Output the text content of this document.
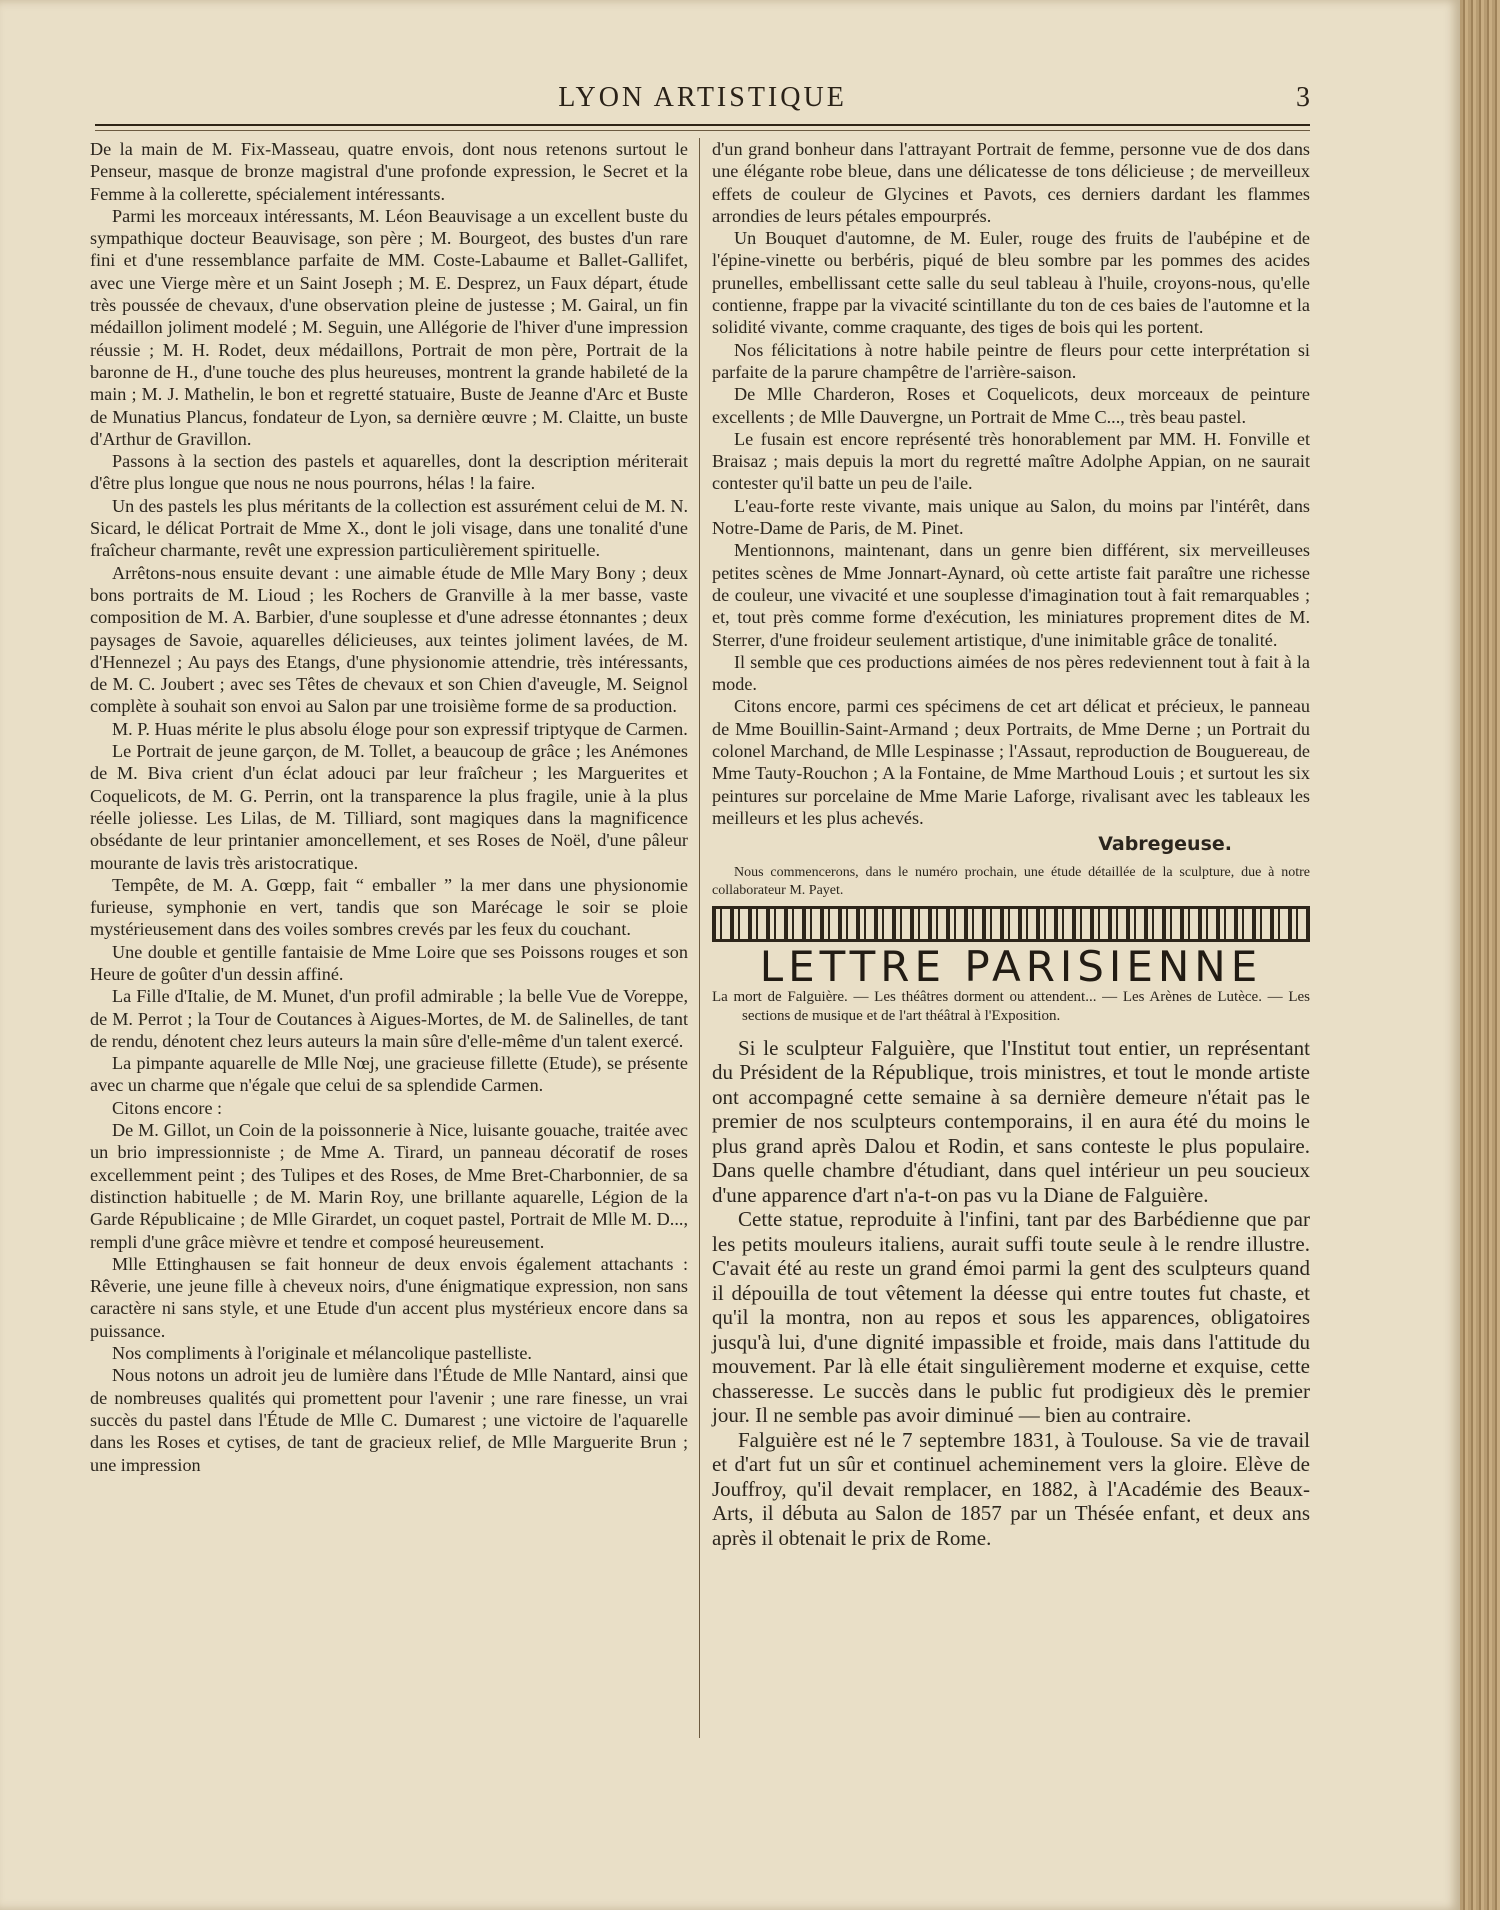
LYON ARTISTIQUE	3

De la main de M. Fix-Masseau, quatre envois, dont nous retenons surtout le Penseur, masque de bronze magistral d'une profonde expression, le Secret et la Femme à la collerette, spécialement intéressants.

Parmi les morceaux intéressants, M. Léon Beauvisage a un excellent buste du sympathique docteur Beauvisage, son père ; M. Bourgeot, des bustes d'un rare fini et d'une ressemblance parfaite de MM. Coste-Labaume et Ballet-Gallifet, avec une Vierge mère et un Saint Joseph ; M. E. Desprez, un Faux départ, étude très poussée de chevaux, d'une observation pleine de justesse ; M. Gairal, un fin médaillon joliment modelé ; M. Seguin, une Allégorie de l'hiver d'une impression réussie ; M. H. Rodet, deux médaillons, Portrait de mon père, Portrait de la baronne de H., d'une touche des plus heureuses, montrent la grande habileté de la main ; M. J. Mathelin, le bon et regretté statuaire, Buste de Jeanne d'Arc et Buste de Munatius Plancus, fondateur de Lyon, sa dernière œuvre ; M. Claitte, un buste d'Arthur de Gravillon.

Passons à la section des pastels et aquarelles, dont la description mériterait d'être plus longue que nous ne nous pourrons, hélas ! la faire.

Un des pastels les plus méritants de la collection est assurément celui de M. N. Sicard, le délicat Portrait de Mme X., dont le joli visage, dans une tonalité d'une fraîcheur charmante, revêt une expression particulièrement spirituelle.

Arrêtons-nous ensuite devant : une aimable étude de Mlle Mary Bony ; deux bons portraits de M. Lioud ; les Rochers de Granville à la mer basse, vaste composition de M. A. Barbier, d'une souplesse et d'une adresse étonnantes ; deux paysages de Savoie, aquarelles délicieuses, aux teintes joliment lavées, de M. d'Hennezel ; Au pays des Etangs, d'une physionomie attendrie, très intéressants, de M. C. Joubert ; avec ses Têtes de chevaux et son Chien d'aveugle, M. Seignol complète à souhait son envoi au Salon par une troisième forme de sa production.

M. P. Huas mérite le plus absolu éloge pour son expressif triptyque de Carmen.

Le Portrait de jeune garçon, de M. Tollet, a beaucoup de grâce ; les Anémones de M. Biva crient d'un éclat adouci par leur fraîcheur ; les Marguerites et Coquelicots, de M. G. Perrin, ont la transparence la plus fragile, unie à la plus réelle joliesse. Les Lilas, de M. Tilliard, sont magiques dans la magnificence obsédante de leur printanier amoncellement, et ses Roses de Noël, d'une pâleur mourante de lavis très aristocratique.

Tempête, de M. A. Gœpp, fait “ emballer ” la mer dans une physionomie furieuse, symphonie en vert, tandis que son Marécage le soir se ploie mystérieusement dans des voiles sombres crevés par les feux du couchant.

Une double et gentille fantaisie de Mme Loire que ses Poissons rouges et son Heure de goûter d'un dessin affiné.

La Fille d'Italie, de M. Munet, d'un profil admirable ; la belle Vue de Voreppe, de M. Perrot ; la Tour de Coutances à Aigues-Mortes, de M. de Salinelles, de tant de rendu, dénotent chez leurs auteurs la main sûre d'elle-même d'un talent exercé.

La pimpante aquarelle de Mlle Nœj, une gracieuse fillette (Etude), se présente avec un charme que n'égale que celui de sa splendide Carmen.

Citons encore :

De M. Gillot, un Coin de la poissonnerie à Nice, luisante gouache, traitée avec un brio impressionniste ; de Mme A. Tirard, un panneau décoratif de roses excellemment peint ; des Tulipes et des Roses, de Mme Bret-Charbonnier, de sa distinction habituelle ; de M. Marin Roy, une brillante aquarelle, Légion de la Garde Républicaine ; de Mlle Girardet, un coquet pastel, Portrait de Mlle M. D..., rempli d'une grâce mièvre et tendre et composé heureusement.

Mlle Ettinghausen se fait honneur de deux envois également attachants : Rêverie, une jeune fille à cheveux noirs, d'une énigmatique expression, non sans caractère ni sans style, et une Etude d'un accent plus mystérieux encore dans sa puissance.

Nos compliments à l'originale et mélancolique pastelliste.

Nous notons un adroit jeu de lumière dans l'Étude de Mlle Nantard, ainsi que de nombreuses qualités qui promettent pour l'avenir ; une rare finesse, un vrai succès du pastel dans l'Étude de Mlle C. Dumarest ; une victoire de l'aquarelle dans les Roses et cytises, de tant de gracieux relief, de Mlle Marguerite Brun ; une impression

d'un grand bonheur dans l'attrayant Portrait de femme, personne vue de dos dans une élégante robe bleue, dans une délicatesse de tons délicieuse ; de merveilleux effets de couleur de Glycines et Pavots, ces derniers dardant les flammes arrondies de leurs pétales empourprés.

Un Bouquet d'automne, de M. Euler, rouge des fruits de l'aubépine et de l'épine-vinette ou berbéris, piqué de bleu sombre par les pommes des acides prunelles, embellissant cette salle du seul tableau à l'huile, croyons-nous, qu'elle contienne, frappe par la vivacité scintillante du ton de ces baies de l'automne et la solidité vivante, comme craquante, des tiges de bois qui les portent.

Nos félicitations à notre habile peintre de fleurs pour cette interprétation si parfaite de la parure champêtre de l'arrière-saison.

De Mlle Charderon, Roses et Coquelicots, deux morceaux de peinture excellents ; de Mlle Dauvergne, un Portrait de Mme C..., très beau pastel.

Le fusain est encore représenté très honorablement par MM. H. Fonville et Braisaz ; mais depuis la mort du regretté maître Adolphe Appian, on ne saurait contester qu'il batte un peu de l'aile.

L'eau-forte reste vivante, mais unique au Salon, du moins par l'intérêt, dans Notre-Dame de Paris, de M. Pinet.

Mentionnons, maintenant, dans un genre bien différent, six merveilleuses petites scènes de Mme Jonnart-Aynard, où cette artiste fait paraître une richesse de couleur, une vivacité et une souplesse d'imagination tout à fait remarquables ; et, tout près comme forme d'exécution, les miniatures proprement dites de M. Sterrer, d'une froideur seulement artistique, d'une inimitable grâce de tonalité.

Il semble que ces productions aimées de nos pères redeviennent tout à fait à la mode.

Citons encore, parmi ces spécimens de cet art délicat et précieux, le panneau de Mme Bouillin-Saint-Armand ; deux Portraits, de Mme Derne ; un Portrait du colonel Marchand, de Mlle Lespinasse ; l'Assaut, reproduction de Bouguereau, de Mme Tauty-Rouchon ; A la Fontaine, de Mme Marthoud Louis ; et surtout les six peintures sur porcelaine de Mme Marie Laforge, rivalisant avec les tableaux les meilleurs et les plus achevés.

Vabregeuse.

Nous commencerons, dans le numéro prochain, une étude détaillée de la sculpture, due à notre collaborateur M. Payet.

LETTRE PARISIENNE
La mort de Falguière. — Les théâtres dorment ou attendent... — Les Arènes de Lutèce. — Les sections de musique et de l'art théâtral à l'Exposition.

Si le sculpteur Falguière, que l'Institut tout entier, un représentant du Président de la République, trois ministres, et tout le monde artiste ont accompagné cette semaine à sa dernière demeure n'était pas le premier de nos sculpteurs contemporains, il en aura été du moins le plus grand après Dalou et Rodin, et sans conteste le plus populaire. Dans quelle chambre d'étudiant, dans quel intérieur un peu soucieux d'une apparence d'art n'a-t-on pas vu la Diane de Falguière.

Cette statue, reproduite à l'infini, tant par des Barbédienne que par les petits mouleurs italiens, aurait suffi toute seule à le rendre illustre. C'avait été au reste un grand émoi parmi la gent des sculpteurs quand il dépouilla de tout vêtement la déesse qui entre toutes fut chaste, et qu'il la montra, non au repos et sous les apparences, obligatoires jusqu'à lui, d'une dignité impassible et froide, mais dans l'attitude du mouvement. Par là elle était singulièrement moderne et exquise, cette chasseresse. Le succès dans le public fut prodigieux dès le premier jour. Il ne semble pas avoir diminué — bien au contraire.

Falguière est né le 7 septembre 1831, à Toulouse. Sa vie de travail et d'art fut un sûr et continuel acheminement vers la gloire. Elève de Jouffroy, qu'il devait remplacer, en 1882, à l'Académie des Beaux-Arts, il débuta au Salon de 1857 par un Thésée enfant, et deux ans après il obtenait le prix de Rome.
